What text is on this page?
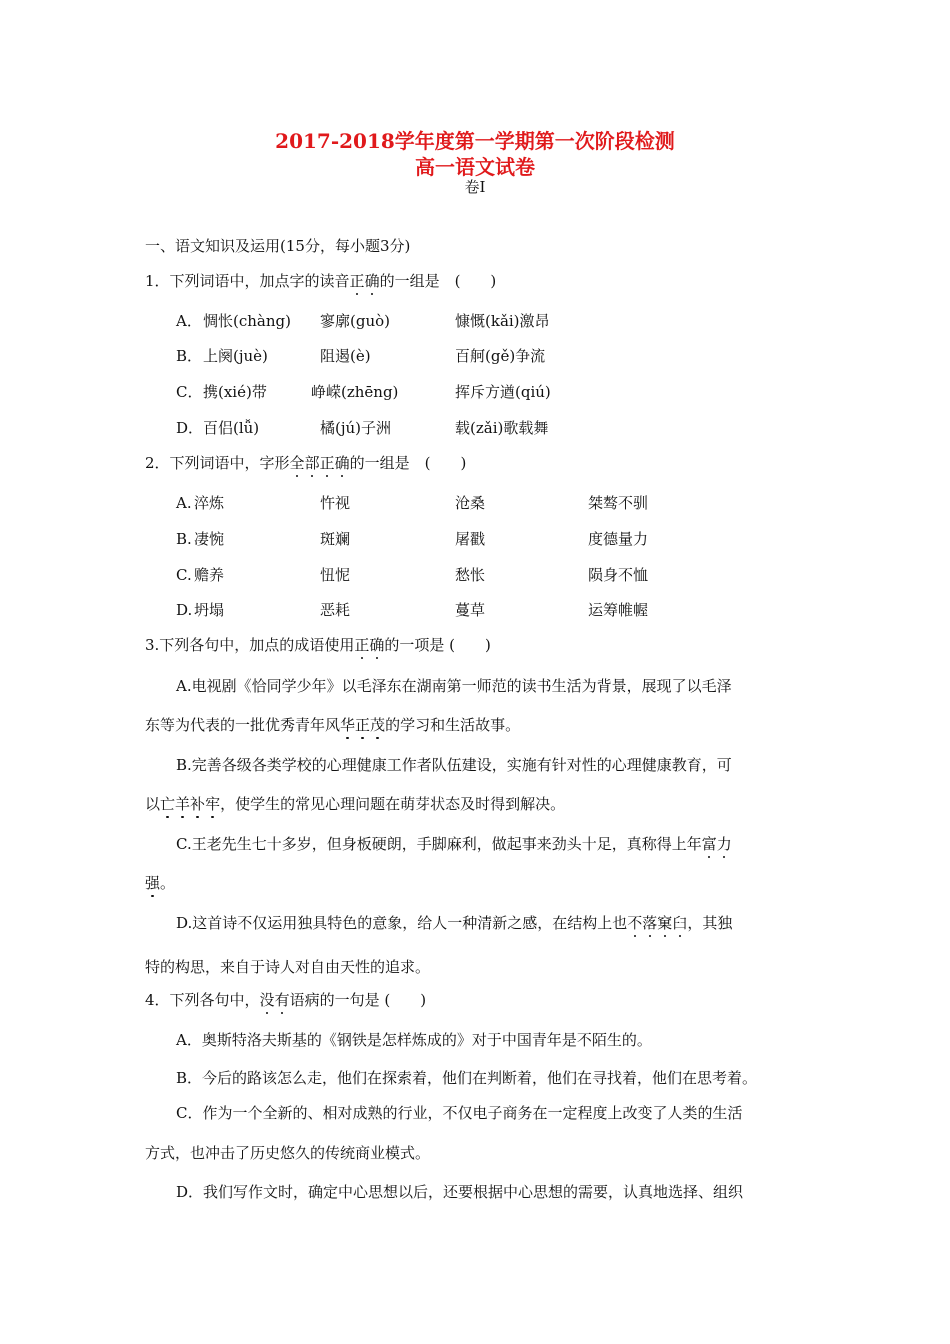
2017-2018学年度第一学期第一次阶段检测
高一语文试卷
卷Ⅰ
一、语文知识及运用(15分，每小题3分)
1．下列词语中，加点字的读音正确的一组是　(　　)
A． 惆怅(chàng) 寥廓(guò)	慷慨(kǎi)激昂
B． 上阕(juè)	阻遏(è)	百舸(gě)争流
C． 携(xié)带	峥嵘(zhēng)	挥斥方遒(qiú)
D． 百侣(lǚ)	橘(jú)子洲	载(zǎi)歌载舞
2．下列词语中，字形全部正确的一组是　(　　)
A. 淬炼	忤视	沧桑	桀骜不驯
B. 凄惋	斑斓	屠戳	度德量力
C. 赡养	忸怩	愁怅	陨身不恤
D. 坍塌	恶耗	蔓草	运筹帷幄
3.下列各句中，加点的成语使用正确的一项是 (　　)
A.电视剧《恰同学少年》以毛泽东在湖南第一师范的读书生活为背景，展现了以毛泽
东等为代表的一批优秀青年风华正茂的学习和生活故事。
B.完善各级各类学校的心理健康工作者队伍建设，实施有针对性的心理健康教育，可
以亡羊补牢，使学生的常见心理问题在萌芽状态及时得到解决。
C.王老先生七十多岁，但身板硬朗，手脚麻利，做起事来劲头十足，真称得上年富力
强。
D.这首诗不仅运用独具特色的意象，给人一种清新之感，在结构上也不落窠臼，其独
特的构思，来自于诗人对自由天性的追求。
4．下列各句中，没有语病的一句是 (　　)
A．奥斯特洛夫斯基的《钢铁是怎样炼成的》对于中国青年是不陌生的。
B．今后的路该怎么走，他们在探索着，他们在判断着，他们在寻找着，他们在思考着。
C．作为一个全新的、相对成熟的行业，不仅电子商务在一定程度上改变了人类的生活
方式，也冲击了历史悠久的传统商业模式。
D．我们写作文时，确定中心思想以后，还要根据中心思想的需要，认真地选择、组织
